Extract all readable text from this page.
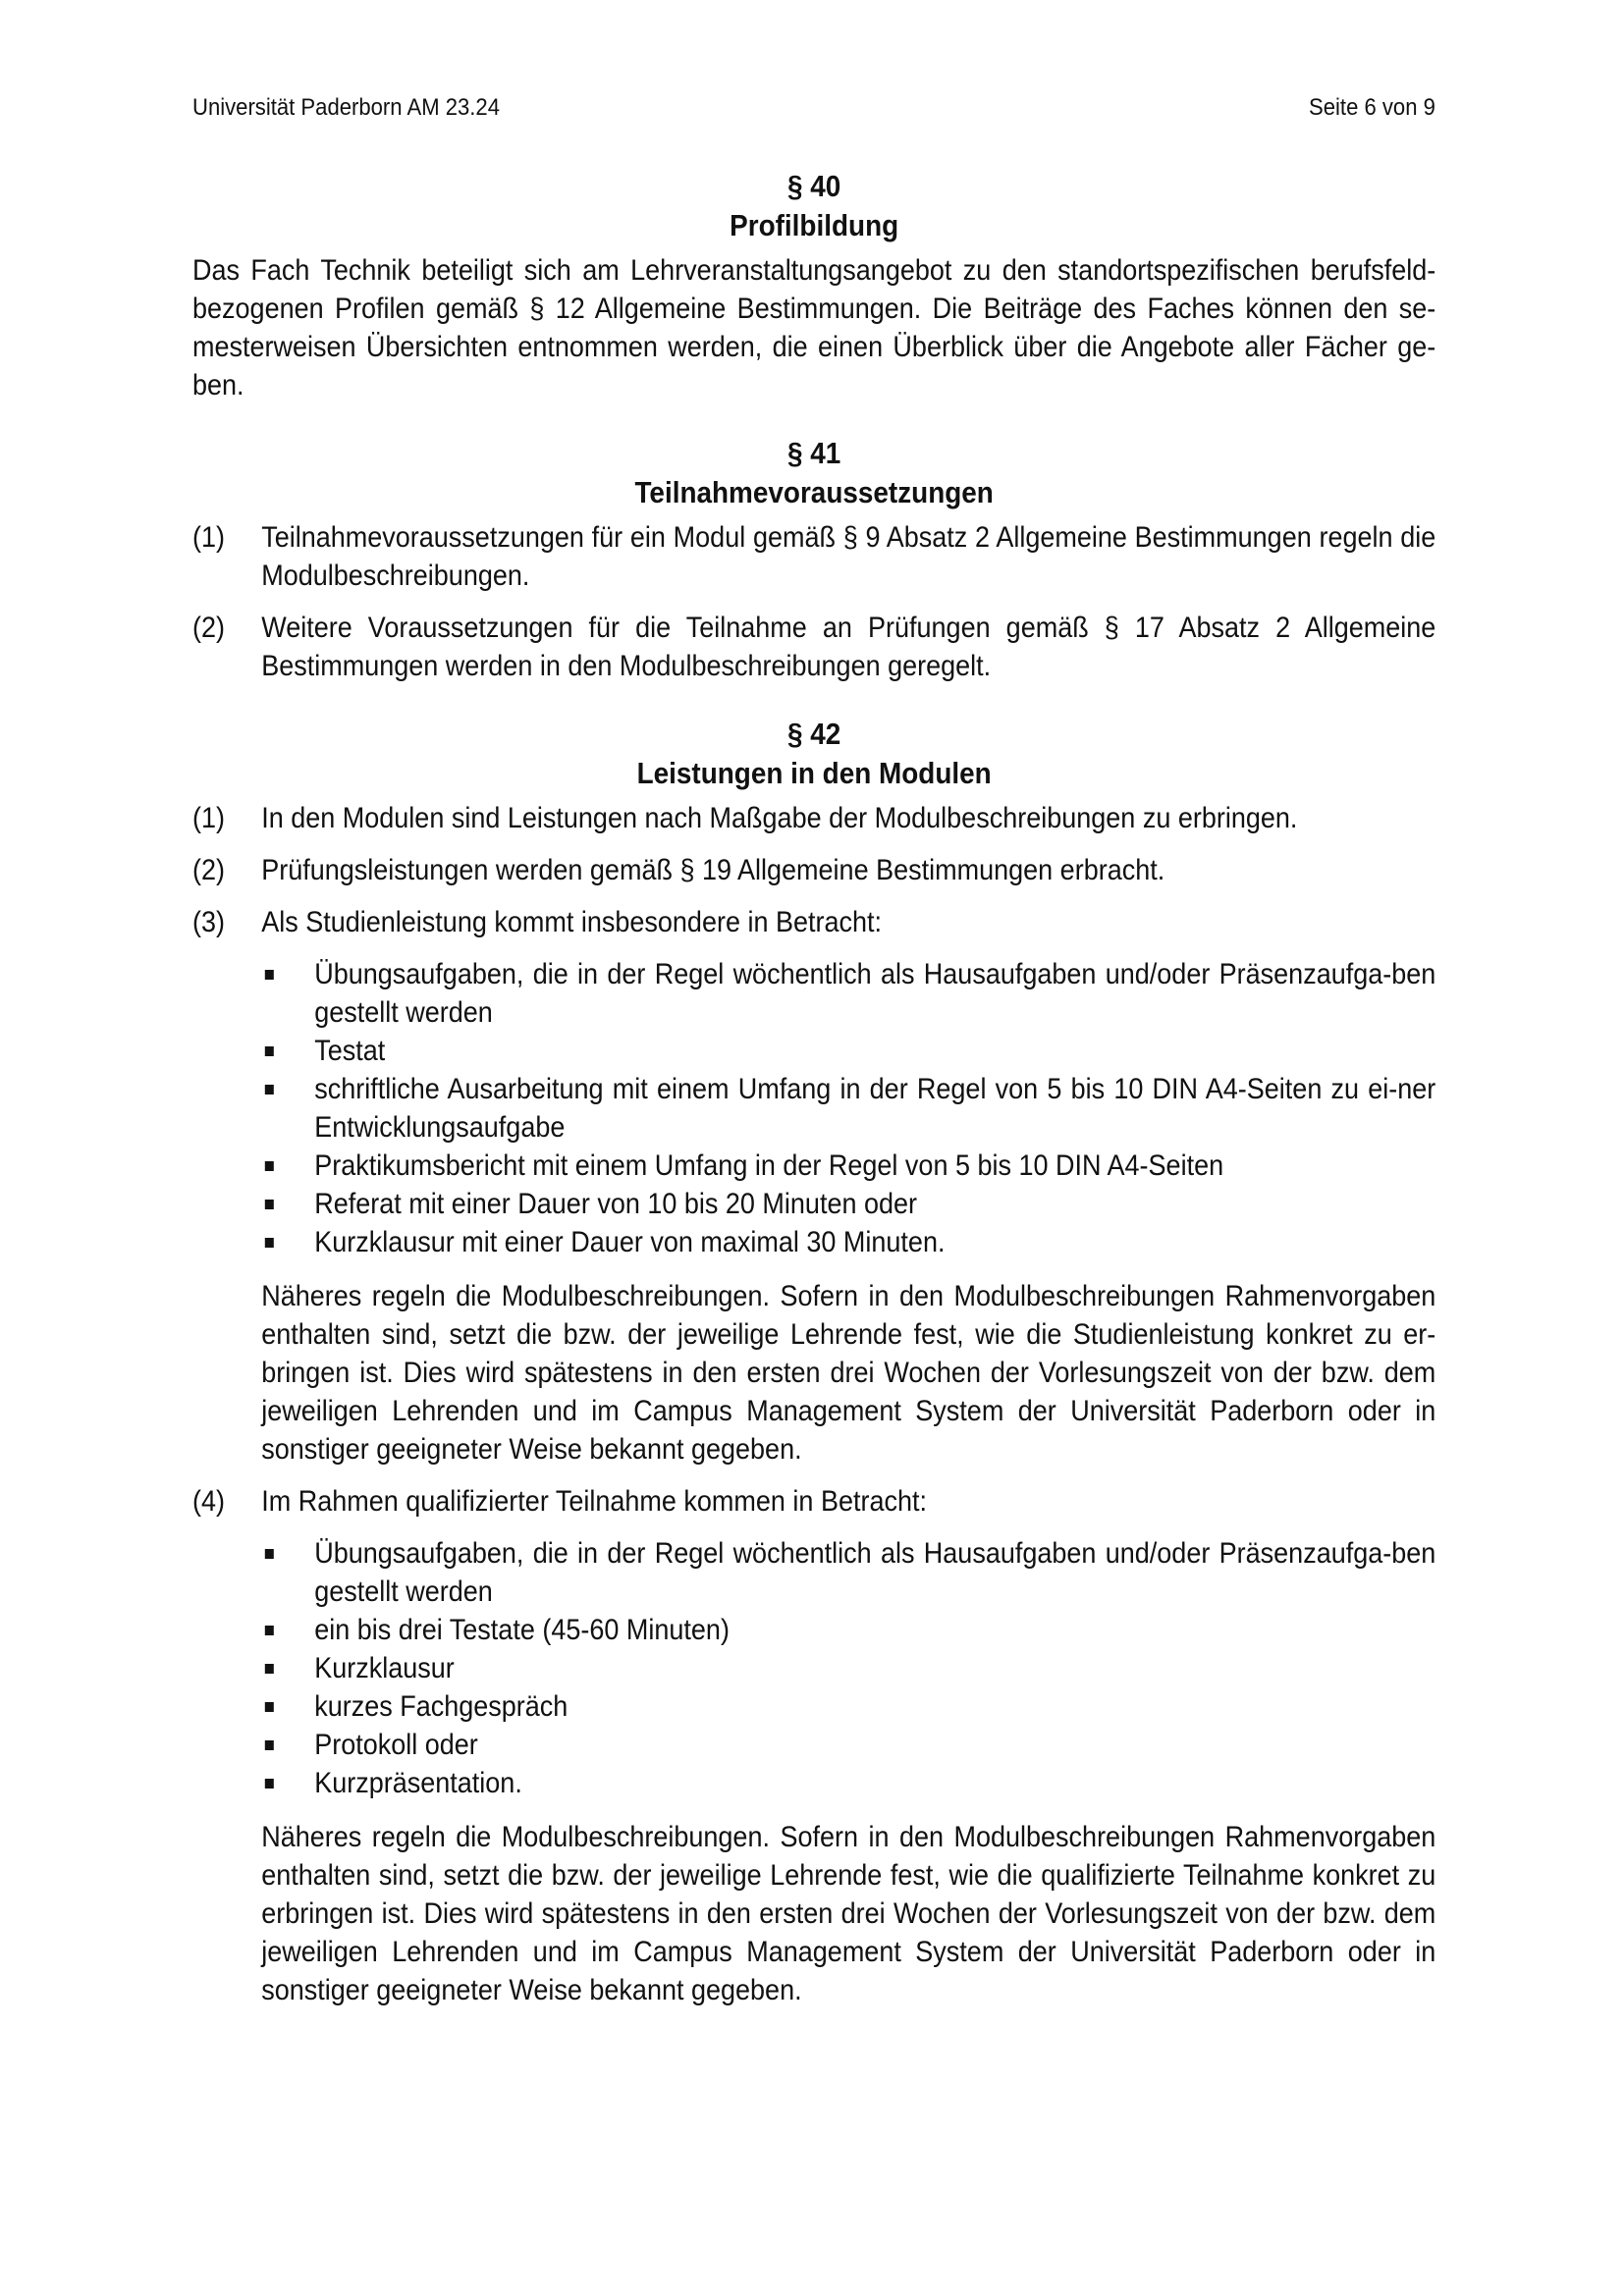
Universität Paderborn AM 23.24	Seite 6 von 9
§ 40
Profilbildung

Das Fach Technik beteiligt sich am Lehrveranstaltungsangebot zu den standortspezifischen berufsfeld-bezogenen Profilen gemäß § 12 Allgemeine Bestimmungen. Die Beiträge des Faches können den se-mesterweisen Übersichten entnommen werden, die einen Überblick über die Angebote aller Fächer ge-ben.

§ 41
Teilnahmevoraussetzungen
(1)	Teilnahmevoraussetzungen für ein Modul gemäß § 9 Absatz 2 Allgemeine Bestimmungen regeln die Modulbeschreibungen.
(2)	Weitere Voraussetzungen für die Teilnahme an Prüfungen gemäß § 17 Absatz 2 Allgemeine Bestimmungen werden in den Modulbeschreibungen geregelt.
§ 42
Leistungen in den Modulen
(1)	In den Modulen sind Leistungen nach Maßgabe der Modulbeschreibungen zu erbringen.
(2)	Prüfungsleistungen werden gemäß § 19 Allgemeine Bestimmungen erbracht.
(3)	Als Studienleistung kommt insbesondere in Betracht:
Übungsaufgaben, die in der Regel wöchentlich als Hausaufgaben und/oder Präsenzaufga-ben gestellt werden
Testat
schriftliche Ausarbeitung mit einem Umfang in der Regel von 5 bis 10 DIN A4-Seiten zu ei-ner Entwicklungsaufgabe
Praktikumsbericht mit einem Umfang in der Regel von 5 bis 10 DIN A4-Seiten
Referat mit einer Dauer von 10 bis 20 Minuten oder
Kurzklausur mit einer Dauer von maximal 30 Minuten.

Näheres regeln die Modulbeschreibungen. Sofern in den Modulbeschreibungen Rahmenvorgaben enthalten sind, setzt die bzw. der jeweilige Lehrende fest, wie die Studienleistung konkret zu er-bringen ist. Dies wird spätestens in den ersten drei Wochen der Vorlesungszeit von der bzw. dem jeweiligen Lehrenden und im Campus Management System der Universität Paderborn oder in sonstiger geeigneter Weise bekannt gegeben.

(4)	Im Rahmen qualifizierter Teilnahme kommen in Betracht:
Übungsaufgaben, die in der Regel wöchentlich als Hausaufgaben und/oder Präsenzaufga-ben gestellt werden
ein bis drei Testate (45-60 Minuten)
Kurzklausur
kurzes Fachgespräch
Protokoll oder
Kurzpräsentation.

Näheres regeln die Modulbeschreibungen. Sofern in den Modulbeschreibungen Rahmenvorgaben enthalten sind, setzt die bzw. der jeweilige Lehrende fest, wie die qualifizierte Teilnahme konkret zu erbringen ist. Dies wird spätestens in den ersten drei Wochen der Vorlesungszeit von der bzw. dem jeweiligen Lehrenden und im Campus Management System der Universität Paderborn oder in sonstiger geeigneter Weise bekannt gegeben.
